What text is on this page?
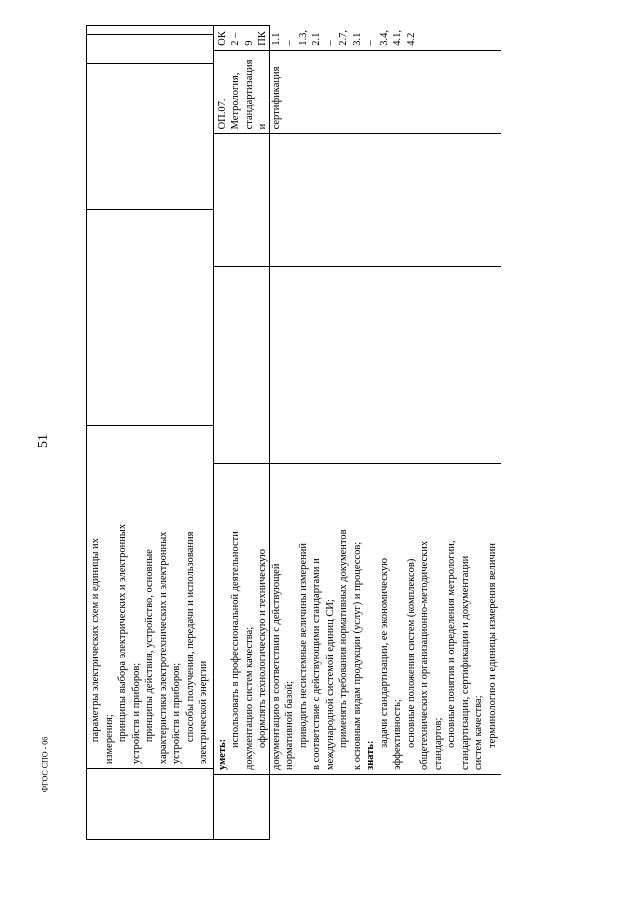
51
ФГОС СПО - 06

параметры электрических схем и единицы их измерения; принципы выбора электрических и электронных устройств и приборов; принципы действия, устройство, основные характеристики электротехнических и электронных устройств и приборов; способы получения, передачи и использования электрической энергии уметь:

использовать в профессиональной деятельности документацию систем качества; оформлять технологическую и техническую документацию в соответствии с действующей нормативной базой; приводить несистемные величины измерений в соответствие с действующими стандартами и международной системой единиц СИ; применять требования нормативных документов к основным видам продукции (услуг) и процессов; знать:

задачи стандартизации, ее экономическую эффективность; основные положения систем (комплексов) общетехнических и организационно-методических стандартов; основные понятия и определения метрологии, стандартизации, сертификации и документации систем качества; терминологию и единицы измерения величин

ОП.07. Метрология, стандартизация и сертификация

ОК 2 – 9 ПК 1.1 – 1.3, 2.1 – 2.7, 3.1 – 3.4, 4.1, 4.2
